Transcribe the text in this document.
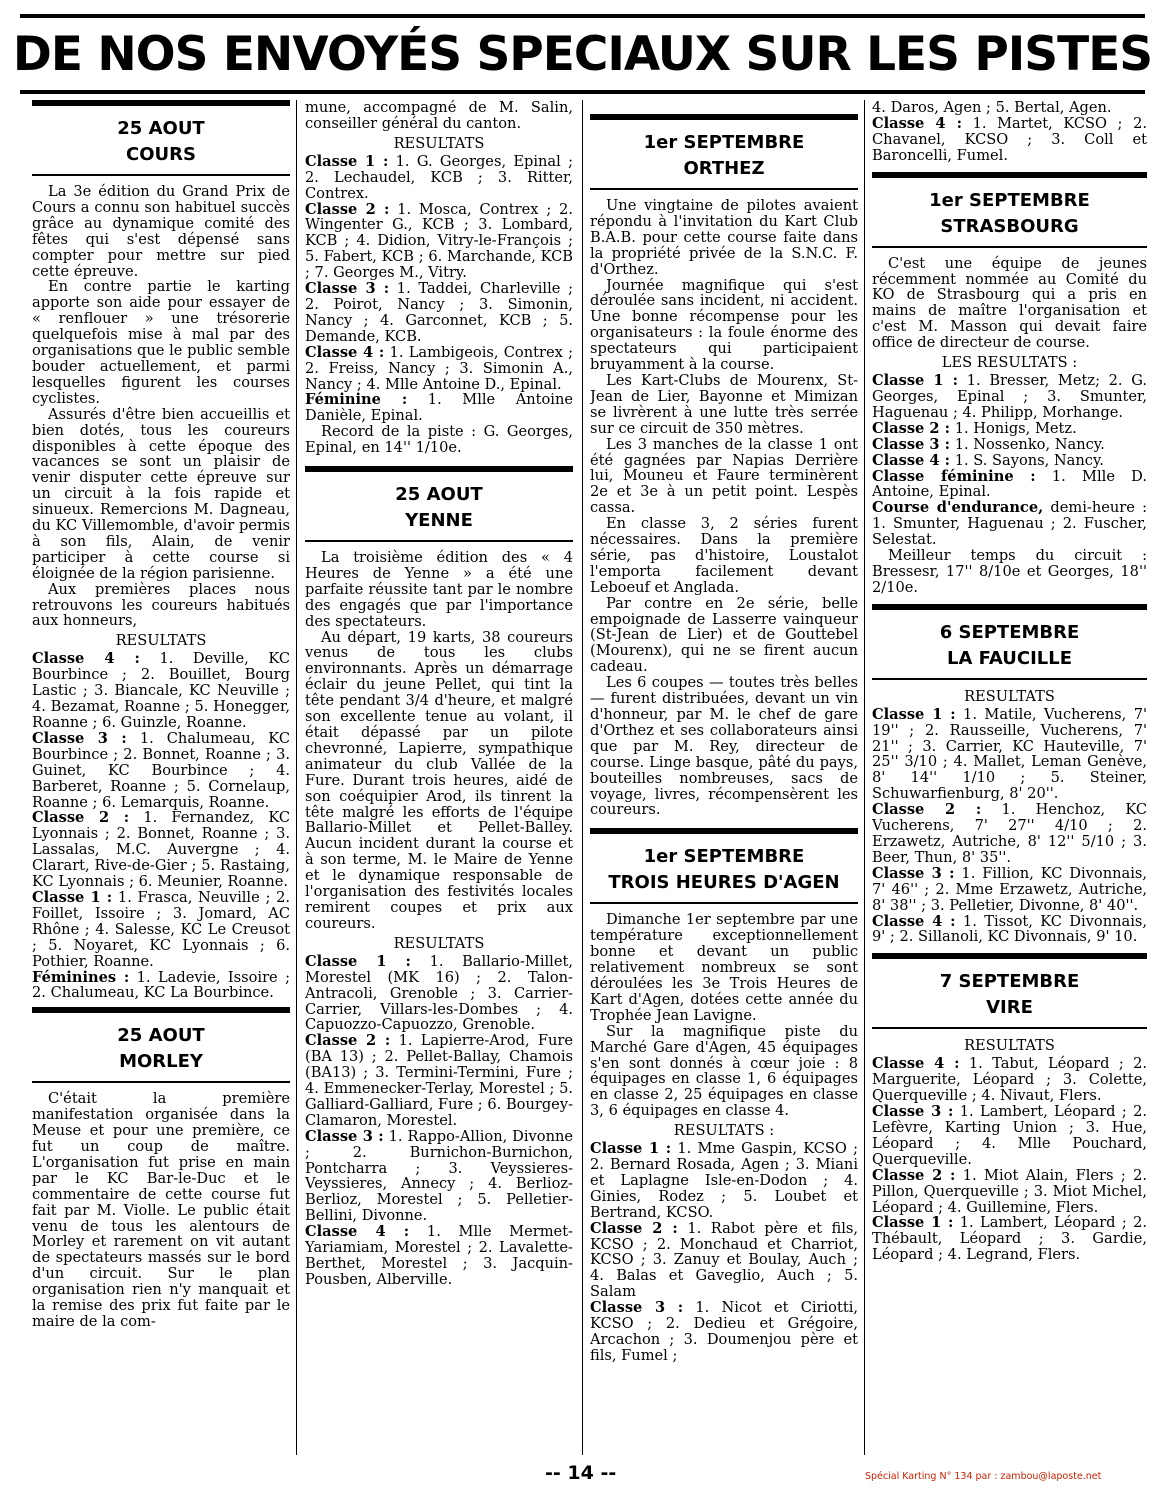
DE NOS ENVOYÉS SPECIAUX SUR LES PISTES
25 AOUT
COURS

La 3e édition du Grand Prix de Cours a connu son habituel succès grâce au dynamique comité des fêtes qui s'est dépensé sans compter pour mettre sur pied cette épreuve.

En contre partie le karting apporte son aide pour essayer de « renflouer » une trésorerie quelquefois mise à mal par des organisations que le public semble bouder actuellement, et parmi lesquelles figurent les courses cyclistes.

Assurés d'être bien accueillis et bien dotés, tous les coureurs disponibles à cette époque des vacances se sont un plaisir de venir disputer cette épreuve sur un circuit à la fois rapide et sinueux. Remercions M. Dagneau, du KC Villemomble, d'avoir permis à son fils, Alain, de venir participer à cette course si éloignée de la région parisienne.

Aux premières places nous retrouvons les coureurs habitués aux honneurs,

RESULTATS

Classe 4 : 1. Deville, KC Bourbince ; 2. Bouillet, Bourg Lastic ; 3. Biancale, KC Neuville ; 4. Bezamat, Roanne ; 5. Honegger, Roanne ; 6. Guinzle, Roanne.

Classe 3 : 1. Chalumeau, KC Bourbince ; 2. Bonnet, Roanne ; 3. Guinet, KC Bourbince ; 4. Barberet, Roanne ; 5. Cornelaup, Roanne ; 6. Lemarquis, Roanne.

Classe 2 : 1. Fernandez, KC Lyonnais ; 2. Bonnet, Roanne ; 3. Lassalas, M.C. Auvergne ; 4. Clarart, Rive-de-Gier ; 5. Rastaing, KC Lyonnais ; 6. Meunier, Roanne.

Classe 1 : 1. Frasca, Neuville ; 2. Foillet, Issoire ; 3. Jomard, AC Rhône ; 4. Salesse, KC Le Creusot ; 5. Noyaret, KC Lyonnais ; 6. Pothier, Roanne.

Féminines : 1. Ladevie, Issoire ; 2. Chalumeau, KC La Bourbince.

25 AOUT
MORLEY

C'était la première manifestation organisée dans la Meuse et pour une première, ce fut un coup de maître. L'organisation fut prise en main par le KC Bar-le-Duc et le commentaire de cette course fut fait par M. Violle. Le public était venu de tous les alentours de Morley et rarement on vit autant de spectateurs massés sur le bord d'un circuit. Sur le plan organisation rien n'y manquait et la remise des prix fut faite par le maire de la com-

mune, accompagné de M. Salin, conseiller général du canton.

RESULTATS

Classe 1 : 1. G. Georges, Epinal ; 2. Lechaudel, KCB ; 3. Ritter, Contrex.

Classe 2 : 1. Mosca, Contrex ; 2. Wingenter G., KCB ; 3. Lombard, KCB ; 4. Didion, Vitry-le-François ; 5. Fabert, KCB ; 6. Marchande, KCB ; 7. Georges M., Vitry.

Classe 3 : 1. Taddei, Charleville ; 2. Poirot, Nancy ; 3. Simonin, Nancy ; 4. Garconnet, KCB ; 5. Demande, KCB.

Classe 4 : 1. Lambigeois, Contrex ; 2. Freiss, Nancy ; 3. Simonin A., Nancy ; 4. Mlle Antoine D., Epinal.

Féminine : 1. Mlle Antoine Danièle, Epinal.

Record de la piste : G. Georges, Epinal, en 14'' 1/10e.

25 AOUT
YENNE

La troisième édition des « 4 Heures de Yenne » a été une parfaite réussite tant par le nombre des engagés que par l'importance des spectateurs.

Au départ, 19 karts, 38 coureurs venus de tous les clubs environnants. Après un démarrage éclair du jeune Pellet, qui tint la tête pendant 3/4 d'heure, et malgré son excellente tenue au volant, il était dépassé par un pilote chevronné, Lapierre, sympathique animateur du club Vallée de la Fure. Durant trois heures, aidé de son coéquipier Arod, ils tinrent la tête malgré les efforts de l'équipe Ballario-Millet et Pellet-Balley. Aucun incident durant la course et à son terme, M. le Maire de Yenne et le dynamique responsable de l'organisation des festivités locales remirent coupes et prix aux coureurs.

RESULTATS

Classe 1 : 1. Ballario-Millet, Morestel (MK 16) ; 2. Talon-Antracoli, Grenoble ; 3. Carrier-Carrier, Villars-les-Dombes ; 4. Capuozzo-Capuozzo, Grenoble.

Classe 2 : 1. Lapierre-Arod, Fure (BA 13) ; 2. Pellet-Ballay, Chamois (BA13) ; 3. Termini-Termini, Fure ; 4. Emmenecker-Terlay, Morestel ; 5. Galliard-Galliard, Fure ; 6. Bourgey-Clamaron, Morestel.

Classe 3 : 1. Rappo-Allion, Divonne ; 2. Burnichon-Burnichon, Pontcharra ; 3. Veyssieres-Veyssieres, Annecy ; 4. Berlioz-Berlioz, Morestel ; 5. Pelletier-Bellini, Divonne.

Classe 4 : 1. Mlle Mermet-Yariamiam, Morestel ; 2. Lavalette-Berthet, Morestel ; 3. Jacquin-Pousben, Alberville.

1er SEPTEMBRE
ORTHEZ

Une vingtaine de pilotes avaient répondu à l'invitation du Kart Club B.A.B. pour cette course faite dans la propriété privée de la S.N.C. F. d'Orthez.

Journée magnifique qui s'est déroulée sans incident, ni accident. Une bonne récompense pour les organisateurs : la foule énorme des spectateurs qui participaient bruyamment à la course.

Les Kart-Clubs de Mourenx, St-Jean de Lier, Bayonne et Mimizan se livrèrent à une lutte très serrée sur ce circuit de 350 mètres.

Les 3 manches de la classe 1 ont été gagnées par Napias Derrière lui, Mouneu et Faure terminèrent 2e et 3e à un petit point. Lespès cassa.

En classe 3, 2 séries furent nécessaires. Dans la première série, pas d'histoire, Loustalot l'emporta facilement devant Leboeuf et Anglada.

Par contre en 2e série, belle empoignade de Lasserre vainqueur (St-Jean de Lier) et de Gouttebel (Mourenx), qui ne se firent aucun cadeau.

Les 6 coupes — toutes très belles — furent distribuées, devant un vin d'honneur, par M. le chef de gare d'Orthez et ses collaborateurs ainsi que par M. Rey, directeur de course. Linge basque, pâté du pays, bouteilles nombreuses, sacs de voyage, livres, récompensèrent les coureurs.

1er SEPTEMBRE
TROIS HEURES D'AGEN

Dimanche 1er septembre par une température exceptionnellement bonne et devant un public relativement nombreux se sont déroulées les 3e Trois Heures de Kart d'Agen, dotées cette année du Trophée Jean Lavigne.

Sur la magnifique piste du Marché Gare d'Agen, 45 équipages s'en sont donnés à cœur joie : 8 équipages en classe 1, 6 équipages en classe 2, 25 équipages en classe 3, 6 équipages en classe 4.

RESULTATS :

Classe 1 : 1. Mme Gaspin, KCSO ; 2. Bernard Rosada, Agen ; 3. Miani et Laplagne Isle-en-Dodon ; 4. Ginies, Rodez ; 5. Loubet et Bertrand, KCSO.

Classe 2 : 1. Rabot père et fils, KCSO ; 2. Monchaud et Charriot, KCSO ; 3. Zanuy et Boulay, Auch ; 4. Balas et Gaveglio, Auch ; 5. Salam

Classe 3 : 1. Nicot et Ciriotti, KCSO ; 2. Dedieu et Grégoire, Arcachon ; 3. Doumenjou père et fils, Fumel ;

4. Daros, Agen ; 5. Bertal, Agen.

Classe 4 : 1. Martet, KCSO ; 2. Chavanel, KCSO ; 3. Coll et Baroncelli, Fumel.

1er SEPTEMBRE
STRASBOURG

C'est une équipe de jeunes récemment nommée au Comité du KO de Strasbourg qui a pris en mains de maître l'organisation et c'est M. Masson qui devait faire office de directeur de course.

LES RESULTATS :

Classe 1 : 1. Bresser, Metz; 2. G. Georges, Epinal ; 3. Smunter, Haguenau ; 4. Philipp, Morhange.

Classe 2 : 1. Honigs, Metz.

Classe 3 : 1. Nossenko, Nancy.

Classe 4 : 1. S. Sayons, Nancy.

Classe féminine : 1. Mlle D. Antoine, Epinal.

Course d'endurance, demi-heure : 1. Smunter, Haguenau ; 2. Fuscher, Selestat.

Meilleur temps du circuit : Bressesr, 17'' 8/10e et Georges, 18'' 2/10e.

6 SEPTEMBRE
LA FAUCILLE
RESULTATS

Classe 1 : 1. Matile, Vucherens, 7' 19'' ; 2. Rausseille, Vucherens, 7' 21'' ; 3. Carrier, KC Hauteville, 7' 25'' 3/10 ; 4. Mallet, Leman Genève, 8' 14'' 1/10 ; 5. Steiner, Schuwarfienburg, 8' 20''.

Classe 2 : 1. Henchoz, KC Vucherens, 7' 27'' 4/10 ; 2. Erzawetz, Autriche, 8' 12'' 5/10 ; 3. Beer, Thun, 8' 35''.

Classe 3 : 1. Fillion, KC Divonnais, 7' 46'' ; 2. Mme Erzawetz, Autriche, 8' 38'' ; 3. Pelletier, Divonne, 8' 40''.

Classe 4 : 1. Tissot, KC Divonnais, 9' ; 2. Sillanoli, KC Divonnais, 9' 10.

7 SEPTEMBRE
VIRE
RESULTATS

Classe 4 : 1. Tabut, Léopard ; 2. Marguerite, Léopard ; 3. Colette, Querqueville ; 4. Nivaut, Flers.

Classe 3 : 1. Lambert, Léopard ; 2. Lefèvre, Karting Union ; 3. Hue, Léopard ; 4. Mlle Pouchard, Querqueville.

Classe 2 : 1. Miot Alain, Flers ; 2. Pillon, Querqueville ; 3. Miot Michel, Léopard ; 4. Guillemine, Flers.

Classe 1 : 1. Lambert, Léopard ; 2. Thébault, Léopard ; 3. Gardie, Léopard ; 4. Legrand, Flers.

-- 14 --	Spécial Karting N° 134 par : zambou@laposte.net
